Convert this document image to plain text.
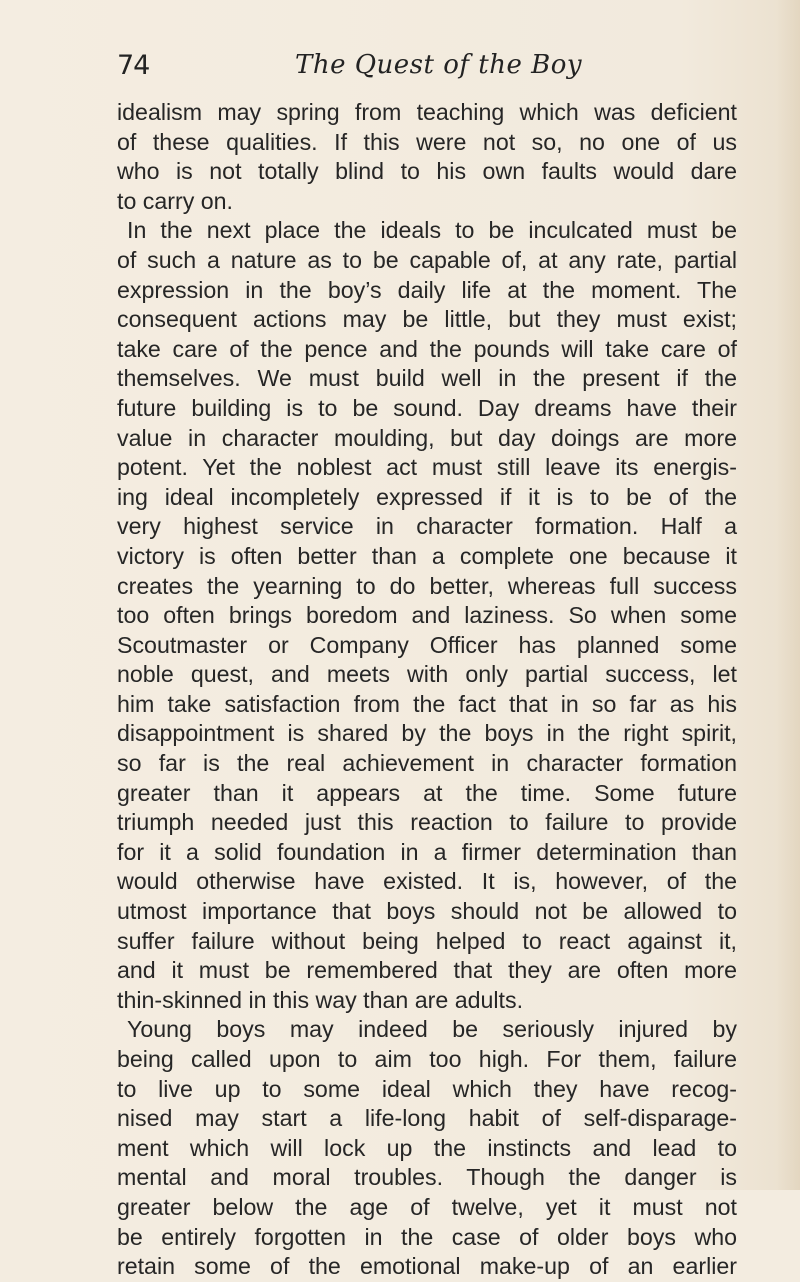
74	The Quest of the Boy
idealism may spring from teaching which was deficient
of these qualities. If this were not so, no one of us
who is not totally blind to his own faults would dare
to carry on.
In the next place the ideals to be inculcated must be
of such a nature as to be capable of, at any rate, partial
expression in the boy’s daily life at the moment. The
consequent actions may be little, but they must exist;
take care of the pence and the pounds will take care of
themselves. We must build well in the present if the
future building is to be sound. Day dreams have their
value in character moulding, but day doings are more
potent. Yet the noblest act must still leave its energis-
ing ideal incompletely expressed if it is to be of the
very highest service in character formation. Half a
victory is often better than a complete one because it
creates the yearning to do better, whereas full success
too often brings boredom and laziness. So when some
Scoutmaster or Company Officer has planned some
noble quest, and meets with only partial success, let
him take satisfaction from the fact that in so far as his
disappointment is shared by the boys in the right spirit,
so far is the real achievement in character formation
greater than it appears at the time. Some future
triumph needed just this reaction to failure to provide
for it a solid foundation in a firmer determination than
would otherwise have existed. It is, however, of the
utmost importance that boys should not be allowed to
suffer failure without being helped to react against it,
and it must be remembered that they are often more
thin-skinned in this way than are adults.
Young boys may indeed be seriously injured by
being called upon to aim too high. For them, failure
to live up to some ideal which they have recog-
nised may start a life-long habit of self-disparage-
ment which will lock up the instincts and lead to
mental and moral troubles. Though the danger is
greater below the age of twelve, yet it must not
be entirely forgotten in the case of older boys who
retain some of the emotional make-up of an earlier
